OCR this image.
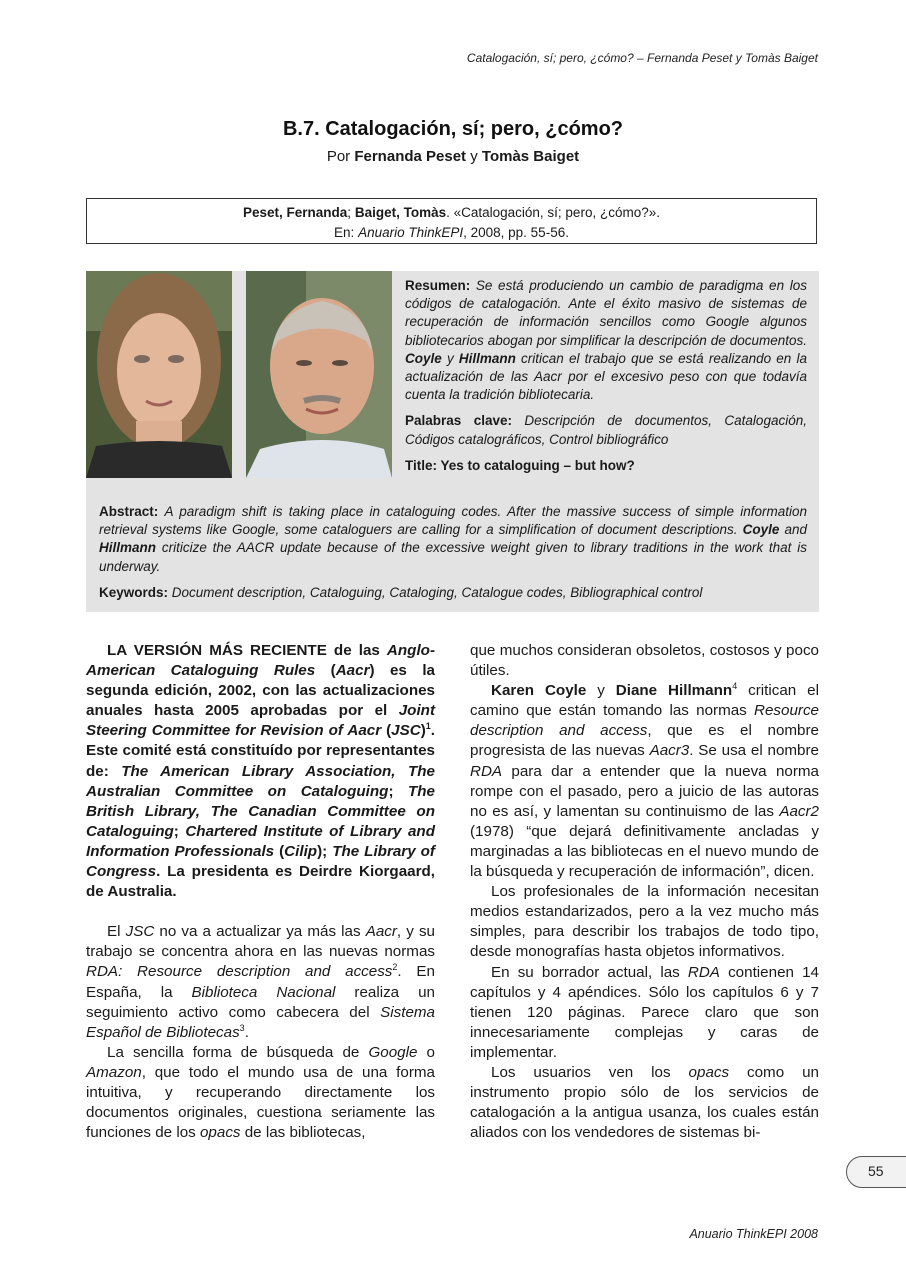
Catalogación, sí; pero, ¿cómo? – Fernanda Peset y Tomàs Baiget
B.7. Catalogación, sí; pero, ¿cómo?
Por Fernanda Peset y Tomàs Baiget
Peset, Fernanda; Baiget, Tomàs. «Catalogación, sí; pero, ¿cómo?».
En: Anuario ThinkEPI, 2008, pp. 55-56.

Resumen: Se está produciendo un cambio de paradigma en los códigos de catalogación. Ante el éxito masivo de sistemas de recuperación de información sencillos como Google algunos bibliotecarios abogan por simplificar la descripción de documentos. Coyle y Hillmann critican el trabajo que se está realizando en la actualización de las Aacr por el excesivo peso con que todavía cuenta la tradición bibliotecaria.

Palabras clave: Descripción de documentos, Catalogación, Códigos catalográficos, Control bibliográfico

Title: Yes to cataloguing – but how?

Abstract: A paradigm shift is taking place in cataloguing codes. After the massive success of simple information retrieval systems like Google, some cataloguers are calling for a simplification of document descriptions. Coyle and Hillmann criticize the AACR update because of the excessive weight given to library traditions in the work that is underway.

Keywords: Document description, Cataloguing, Cataloging, Catalogue codes, Bibliographical control

LA VERSIÓN MÁS RECIENTE de las Anglo-American Cataloguing Rules (Aacr) es la segunda edición, 2002, con las actualizaciones anuales hasta 2005 aprobadas por el Joint Steering Committee for Revision of Aacr (JSC)$^1$. Este comité está constituído por representantes de: The American Library Association, The Australian Committee on Cataloguing; The British Library, The Canadian Committee on Cataloguing; Chartered Institute of Library and Information Professionals (Cilip); The Library of Congress. La presidenta es Deirdre Kiorgaard, de Australia.

El JSC no va a actualizar ya más las Aacr, y su trabajo se concentra ahora en las nuevas normas RDA: Resource description and access$^2$. En España, la Biblioteca Nacional realiza un seguimiento activo como cabecera del Sistema Español de Bibliotecas$^3$.

La sencilla forma de búsqueda de Google o Amazon, que todo el mundo usa de una forma intuitiva, y recuperando directamente los documentos originales, cuestiona seriamente las funciones de los opacs de las bibliotecas,

que muchos consideran obsoletos, costosos y poco útiles.

Karen Coyle y Diane Hillmann$^4$ critican el camino que están tomando las normas Resource description and access, que es el nombre progresista de las nuevas Aacr3. Se usa el nombre RDA para dar a entender que la nueva norma rompe con el pasado, pero a juicio de las autoras no es así, y lamentan su continuismo de las Aacr2 (1978) “que dejará definitivamente ancladas y marginadas a las bibliotecas en el nuevo mundo de la búsqueda y recuperación de información”, dicen.

Los profesionales de la información necesitan medios estandarizados, pero a la vez mucho más simples, para describir los trabajos de todo tipo, desde monografías hasta objetos informativos.

En su borrador actual, las RDA contienen 14 capítulos y 4 apéndices. Sólo los capítulos 6 y 7 tienen 120 páginas. Parece claro que son innecesariamente complejas y caras de implementar.

Los usuarios ven los opacs como un instrumento propio sólo de los servicios de catalogación a la antigua usanza, los cuales están aliados con los vendedores de sistemas bi-

55
Anuario ThinkEPI 2008
